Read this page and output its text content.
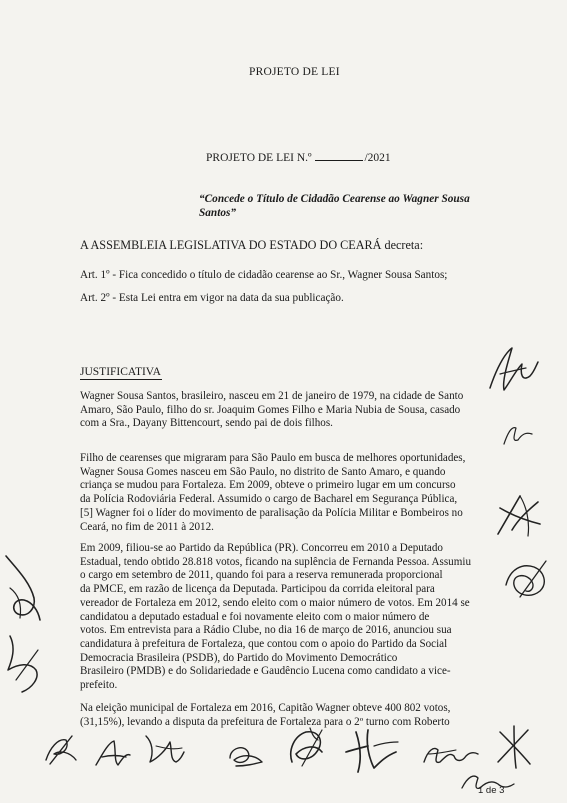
PROJETO DE LEI
PROJETO DE LEI N.º	/2021
“Concede o Título de Cidadão Cearense ao Wagner Sousa
Santos”
A ASSEMBLEIA LEGISLATIVA DO ESTADO DO CEARÁ decreta:
Art. 1º - Fica concedido o título de cidadão cearense ao Sr., Wagner Sousa Santos;
Art. 2º - Esta Lei entra em vigor na data da sua publicação.
JUSTIFICATIVA
Wagner Sousa Santos, brasileiro, nasceu em 21 de janeiro de 1979, na cidade de Santo
Amaro, São Paulo, filho do sr. Joaquim Gomes Filho e Maria Nubia de Sousa, casado
com a Sra., Dayany Bittencourt, sendo pai de dois filhos.
Filho de cearenses que migraram para São Paulo em busca de melhores oportunidades,
Wagner Sousa Gomes nasceu em São Paulo, no distrito de Santo Amaro, e quando
criança se mudou para Fortaleza. Em 2009, obteve o primeiro lugar em um concurso
da Polícia Rodoviária Federal. Assumido o cargo de Bacharel em Segurança Pública,
[5] Wagner foi o líder do movimento de paralisação da Polícia Militar e Bombeiros no
Ceará, no fim de 2011 à 2012.
Em 2009, filiou-se ao Partido da República (PR). Concorreu em 2010 a Deputado
Estadual, tendo obtido 28.818 votos, ficando na suplência de Fernanda Pessoa. Assumiu
o cargo em setembro de 2011, quando foi para a reserva remunerada proporcional
da PMCE, em razão de licença da Deputada. Participou da corrida eleitoral para
vereador de Fortaleza em 2012, sendo eleito com o maior número de votos. Em 2014 se
candidatou a deputado estadual e foi novamente eleito com o maior número de
votos. Em entrevista para a Rádio Clube, no dia 16 de março de 2016, anunciou sua
candidatura à prefeitura de Fortaleza, que contou com o apoio do Partido da Social
Democracia Brasileira (PSDB), do Partido do Movimento Democrático
Brasileiro (PMDB) e do Solidariedade e Gaudêncio Lucena como candidato a vice-
prefeito.
Na eleição municipal de Fortaleza em 2016, Capitão Wagner obteve 400 802 votos,
(31,15%), levando a disputa da prefeitura de Fortaleza para o 2º turno com Roberto
1 de 3
